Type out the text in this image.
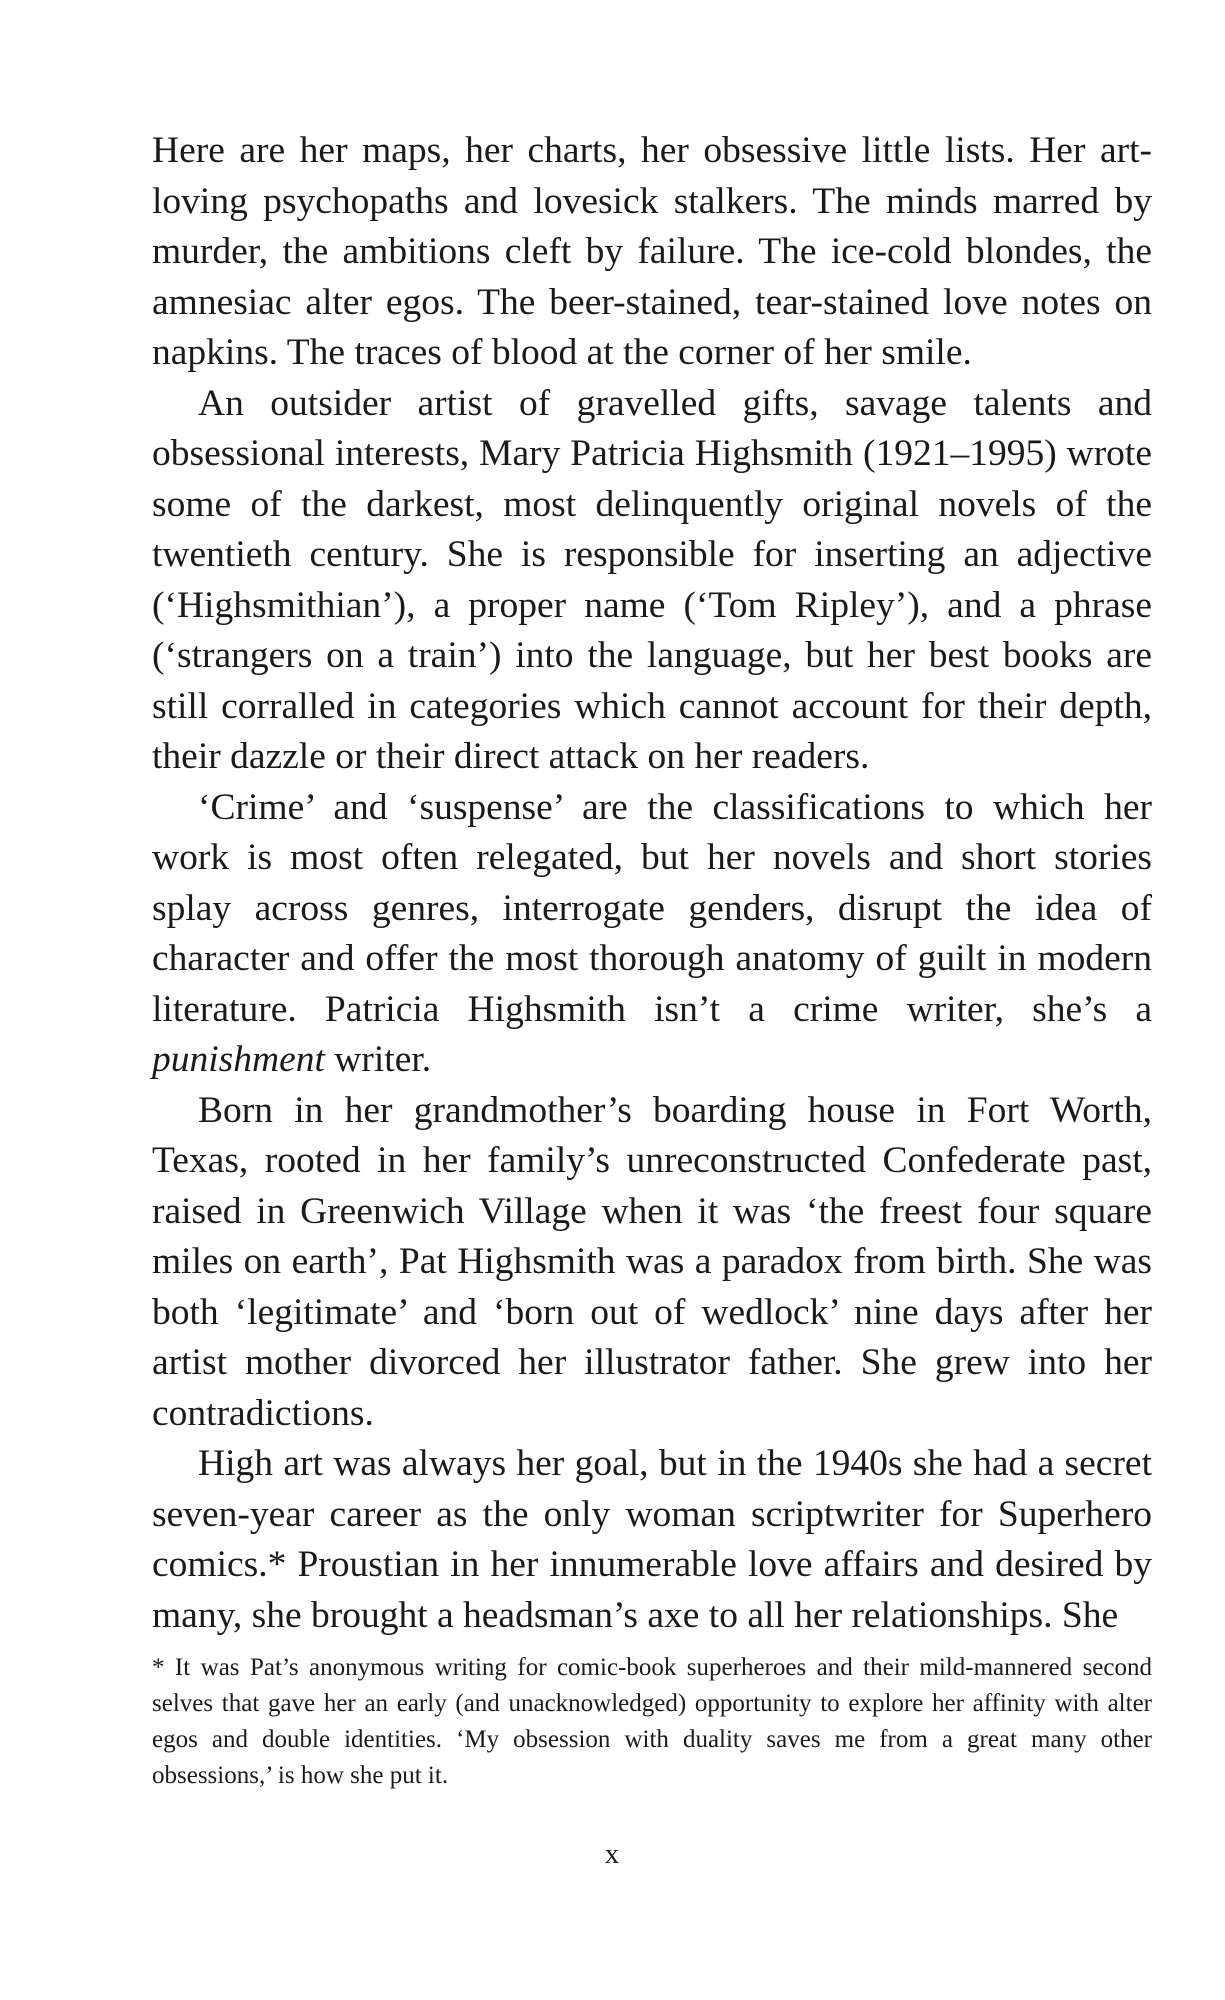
Here are her maps, her charts, her obsessive little lists. Her art-loving psychopaths and lovesick stalkers. The minds marred by murder, the ambitions cleft by failure. The ice-cold blondes, the amnesiac alter egos. The beer-stained, tear-stained love notes on napkins. The traces of blood at the corner of her smile.

An outsider artist of gravelled gifts, savage talents and obsessional interests, Mary Patricia Highsmith (1921–1995) wrote some of the darkest, most delinquently original novels of the twentieth century. She is responsible for inserting an adjective (‘Highsmithian’), a proper name (‘Tom Ripley’), and a phrase (‘strangers on a train’) into the language, but her best books are still corralled in categories which cannot account for their depth, their dazzle or their direct attack on her readers.

‘Crime’ and ‘suspense’ are the classifications to which her work is most often relegated, but her novels and short stories splay across genres, interrogate genders, disrupt the idea of character and offer the most thorough anatomy of guilt in modern literature. Patricia Highsmith isn’t a crime writer, she’s a punishment writer.

Born in her grandmother’s boarding house in Fort Worth, Texas, rooted in her family’s unreconstructed Confederate past, raised in Greenwich Village when it was ‘the freest four square miles on earth’, Pat Highsmith was a paradox from birth. She was both ‘legitimate’ and ‘born out of wedlock’ nine days after her artist mother divorced her illustrator father. She grew into her contradictions.

High art was always her goal, but in the 1940s she had a secret seven-year career as the only woman scriptwriter for Superhero comics.* Proustian in her innumerable love affairs and desired by many, she brought a headsman’s axe to all her relationships. She

* It was Pat’s anonymous writing for comic-book superheroes and their mild-mannered second selves that gave her an early (and unacknowledged) opportunity to explore her affinity with alter egos and double identities. ‘My obsession with duality saves me from a great many other obsessions,’ is how she put it.

x
